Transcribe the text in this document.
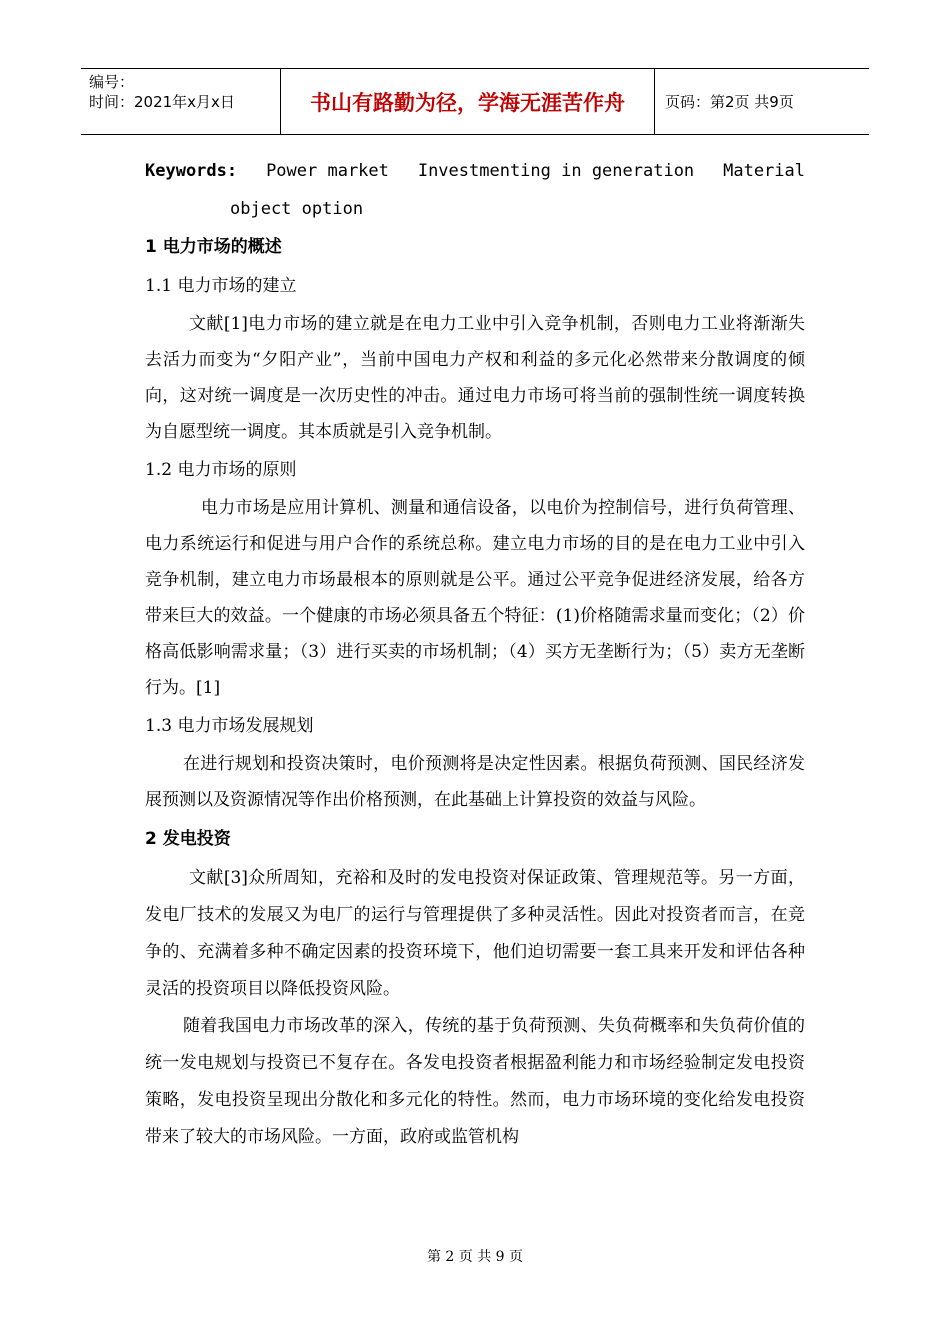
编号：
时间：2021年x月x日	书山有路勤为径，学海无涯苦作舟	页码：第2页 共9页
Keywords: Power market Investmenting in generation Material
object option
1 电力市场的概述
1.1 电力市场的建立

文献[1]电力市场的建立就是在电力工业中引入竞争机制，否则电力工业将渐渐失去活力而变为“夕阳产业”，当前中国电力产权和利益的多元化必然带来分散调度的倾向，这对统一调度是一次历史性的冲击。通过电力市场可将当前的强制性统一调度转换为自愿型统一调度。其本质就是引入竞争机制。

1.2 电力市场的原则

电力市场是应用计算机、测量和通信设备，以电价为控制信号，进行负荷管理、电力系统运行和促进与用户合作的系统总称。建立电力市场的目的是在电力工业中引入竞争机制，建立电力市场最根本的原则就是公平。通过公平竞争促进经济发展，给各方带来巨大的效益。一个健康的市场必须具备五个特征：(1)价格随需求量而变化；（2）价格高低影响需求量；（3）进行买卖的市场机制；（4）买方无垄断行为；（5）卖方无垄断行为。[1]

1.3 电力市场发展规划

在进行规划和投资决策时，电价预测将是决定性因素。根据负荷预测、国民经济发展预测以及资源情况等作出价格预测，在此基础上计算投资的效益与风险。

2 发电投资

文献[3]众所周知，充裕和及时的发电投资对保证政策、管理规范等。另一方面，发电厂技术的发展又为电厂的运行与管理提供了多种灵活性。因此对投资者而言，在竞争的、充满着多种不确定因素的投资环境下，他们迫切需要一套工具来开发和评估各种灵活的投资项目以降低投资风险。

随着我国电力市场改革的深入，传统的基于负荷预测、失负荷概率和失负荷价值的统一发电规划与投资已不复存在。各发电投资者根据盈利能力和市场经验制定发电投资策略，发电投资呈现出分散化和多元化的特性。然而，电力市场环境的变化给发电投资带来了较大的市场风险。一方面，政府或监管机构

第 2 页 共 9 页
